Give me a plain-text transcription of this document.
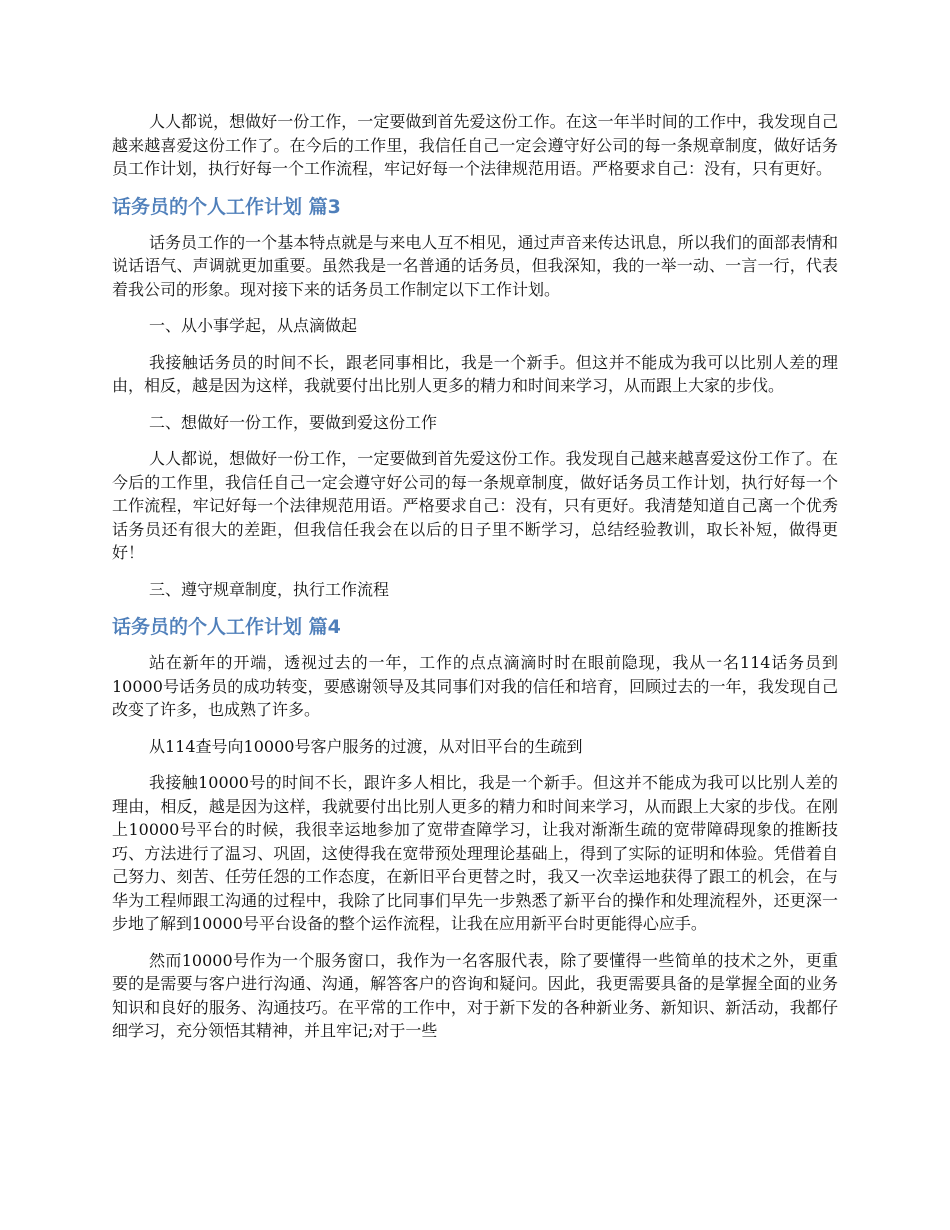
人人都说，想做好一份工作，一定要做到首先爱这份工作。在这一年半时间的工作中，我发现自己越来越喜爱这份工作了。在今后的工作里，我信任自己一定会遵守好公司的每一条规章制度，做好话务员工作计划，执行好每一个工作流程，牢记好每一个法律规范用语。严格要求自己：没有，只有更好。

话务员的个人工作计划 篇3

话务员工作的一个基本特点就是与来电人互不相见，通过声音来传达讯息，所以我们的面部表情和说话语气、声调就更加重要。虽然我是一名普通的话务员，但我深知，我的一举一动、一言一行，代表着我公司的形象。现对接下来的话务员工作制定以下工作计划。

一、从小事学起，从点滴做起

我接触话务员的时间不长，跟老同事相比，我是一个新手。但这并不能成为我可以比别人差的理由，相反，越是因为这样，我就要付出比别人更多的精力和时间来学习，从而跟上大家的步伐。

二、想做好一份工作，要做到爱这份工作

人人都说，想做好一份工作，一定要做到首先爱这份工作。我发现自己越来越喜爱这份工作了。在今后的工作里，我信任自己一定会遵守好公司的每一条规章制度，做好话务员工作计划，执行好每一个工作流程，牢记好每一个法律规范用语。严格要求自己：没有，只有更好。我清楚知道自己离一个优秀话务员还有很大的差距，但我信任我会在以后的日子里不断学习，总结经验教训，取长补短，做得更好！

三、遵守规章制度，执行工作流程

话务员的个人工作计划 篇4

站在新年的开端，透视过去的一年，工作的点点滴滴时时在眼前隐现，我从一名114话务员到10000号话务员的成功转变，要感谢领导及其同事们对我的信任和培育，回顾过去的一年，我发现自己改变了许多，也成熟了许多。

从114查号向10000号客户服务的过渡，从对旧平台的生疏到

我接触10000号的时间不长，跟许多人相比，我是一个新手。但这并不能成为我可以比别人差的理由，相反，越是因为这样，我就要付出比别人更多的精力和时间来学习，从而跟上大家的步伐。在刚上10000号平台的时候，我很幸运地参加了宽带查障学习，让我对渐渐生疏的宽带障碍现象的推断技巧、方法进行了温习、巩固，这使得我在宽带预处理理论基础上，得到了实际的证明和体验。凭借着自己努力、刻苦、任劳任怨的工作态度，在新旧平台更替之时，我又一次幸运地获得了跟工的机会，在与华为工程师跟工沟通的过程中，我除了比同事们早先一步熟悉了新平台的操作和处理流程外，还更深一步地了解到10000号平台设备的整个运作流程，让我在应用新平台时更能得心应手。

然而10000号作为一个服务窗口，我作为一名客服代表，除了要懂得一些简单的技术之外，更重要的是需要与客户进行沟通、沟通，解答客户的咨询和疑问。因此，我更需要具备的是掌握全面的业务知识和良好的服务、沟通技巧。在平常的工作中，对于新下发的各种新业务、新知识、新活动，我都仔细学习，充分领悟其精神，并且牢记;对于一些
